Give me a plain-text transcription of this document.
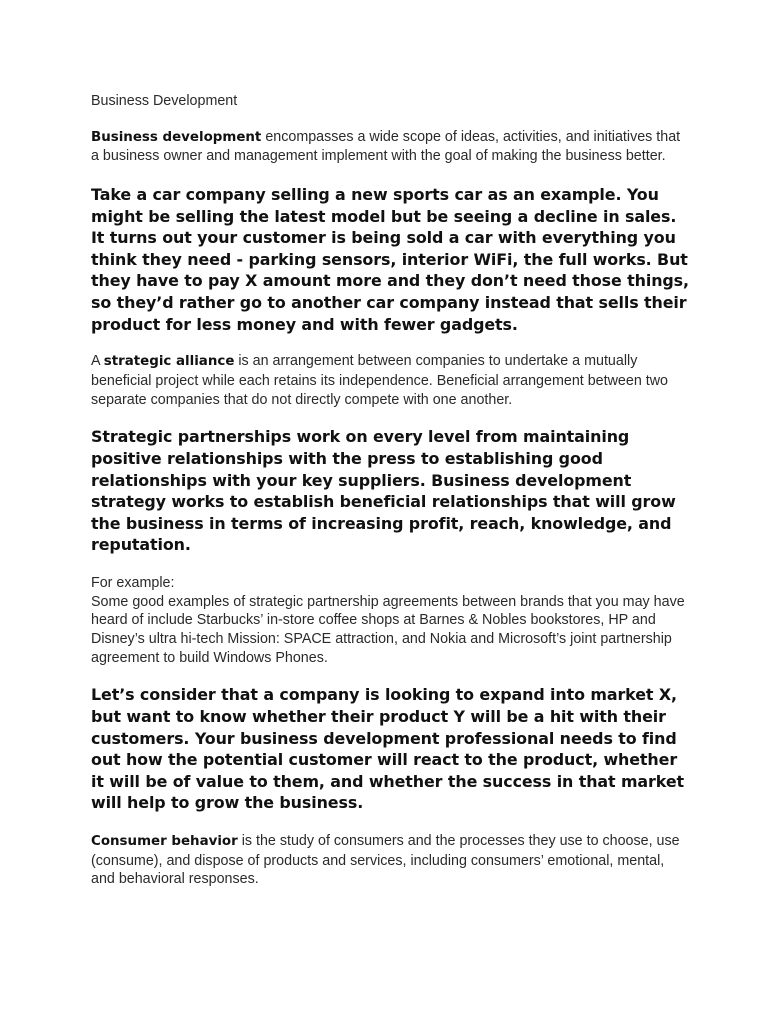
Business Development

Business development encompasses a wide scope of ideas, activities, and initiatives that a business owner and management implement with the goal of making the business better.

Take a car company selling a new sports car as an example. You might be selling the latest model but be seeing a decline in sales. It turns out your customer is being sold a car with everything you think they need - parking sensors, interior WiFi, the full works. But they have to pay X amount more and they don’t need those things, so they’d rather go to another car company instead that sells their product for less money and with fewer gadgets.

A strategic alliance is an arrangement between companies to undertake a mutually beneficial project while each retains its independence. Beneficial arrangement between two separate companies that do not directly compete with one another.

Strategic partnerships work on every level from maintaining positive relationships with the press to establishing good relationships with your key suppliers. Business development strategy works to establish beneficial relationships that will grow the business in terms of increasing profit, reach, knowledge, and reputation.

For example:

Some good examples of strategic partnership agreements between brands that you may have heard of include Starbucks’ in-store coffee shops at Barnes & Nobles bookstores, HP and Disney’s ultra hi-tech Mission: SPACE attraction, and Nokia and Microsoft’s joint partnership agreement to build Windows Phones.

Let’s consider that a company is looking to expand into market X, but want to know whether their product Y will be a hit with their customers. Your business development professional needs to find out how the potential customer will react to the product, whether it will be of value to them, and whether the success in that market will help to grow the business.

Consumer behavior is the study of consumers and the processes they use to choose, use (consume), and dispose of products and services, including consumers’ emotional, mental, and behavioral responses.
